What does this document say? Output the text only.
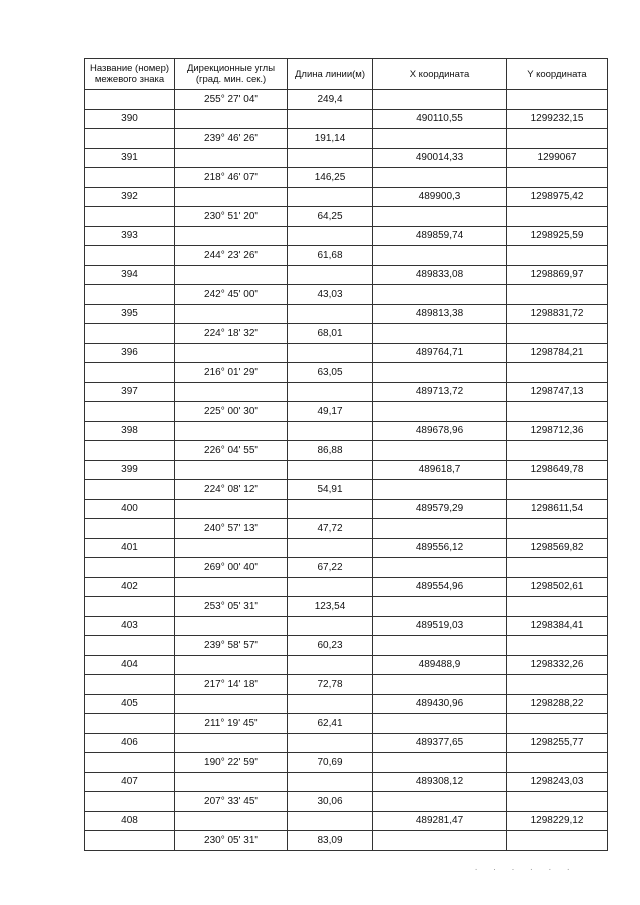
Название (номер)
межевого знака	Дирекционные углы
(град. мин. сек.)	Длина линии(м)	X координата	Y координата
	255° 27' 04"	249,4		
390			490110,55	1299232,15
	239° 46' 26"	191,14		
391			490014,33	1299067
	218° 46' 07"	146,25		
392			489900,3	1298975,42
	230° 51' 20"	64,25		
393			489859,74	1298925,59
	244° 23' 26"	61,68		
394			489833,08	1298869,97
	242° 45' 00"	43,03		
395			489813,38	1298831,72
	224° 18' 32"	68,01		
396			489764,71	1298784,21
	216° 01' 29"	63,05		
397			489713,72	1298747,13
	225° 00' 30"	49,17		
398			489678,96	1298712,36
	226° 04' 55"	86,88		
399			489618,7	1298649,78
	224° 08' 12"	54,91		
400			489579,29	1298611,54
	240° 57' 13"	47,72		
401			489556,12	1298569,82
	269° 00' 40"	67,22		
402			489554,96	1298502,61
	253° 05' 31"	123,54		
403			489519,03	1298384,41
	239° 58' 57"	60,23		
404			489488,9	1298332,26
	217° 14' 18"	72,78		
405			489430,96	1298288,22
	211° 19' 45"	62,41		
406			489377,65	1298255,77
	190° 22' 59"	70,69		
407			489308,12	1298243,03
	207° 33' 45"	30,06		
408			489281,47	1298229,12
	230° 05' 31"	83,09		
. . . . . .
